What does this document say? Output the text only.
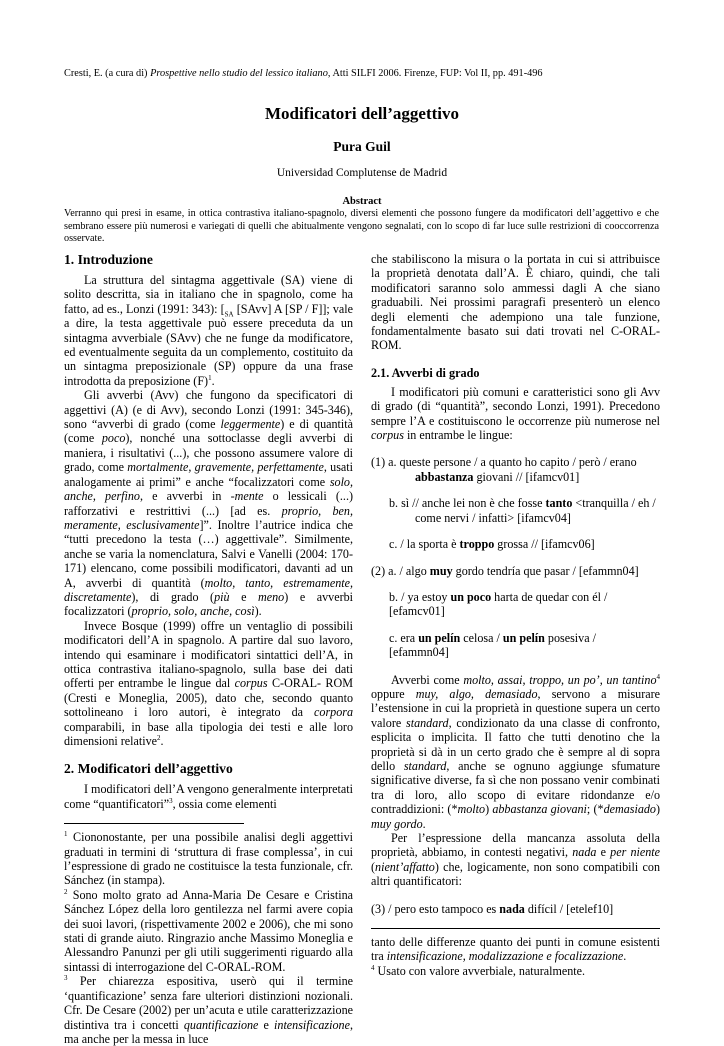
Cresti, E. (a cura di) Prospettive nello studio del lessico italiano, Atti SILFI 2006. Firenze, FUP: Vol II, pp. 491-496
Modificatori dell’aggettivo
Pura Guil
Universidad Complutense de Madrid
Abstract
Verranno qui presi in esame, in ottica contrastiva italiano-spagnolo, diversi elementi che possono fungere da modificatori dell’aggettivo e che sembrano essere più numerosi e variegati di quelli che abitualmente vengono segnalati, con lo scopo di far luce sulle restrizioni di cooccorrenza osservate.
1. Introduzione

La struttura del sintagma aggettivale (SA) viene di solito descritta, sia in italiano che in spagnolo, come ha fatto, ad es., Lonzi (1991: 343): [$_{SA}$ [SAvv] A [SP / F]]; vale a dire, la testa aggettivale può essere preceduta da un sintagma avverbiale (SAvv) che ne funge da modificatore, ed eventualmente seguita da un complemento, costituito da un sintagma preposizionale (SP) oppure da una frase introdotta da preposizione $(F)^1$.

Gli avverbi (Avv) che fungono da specificatori di aggettivi (A) (e di Avv), secondo Lonzi (1991: 345-346), sono “avverbi di grado (come leggermente) e di quantità (come poco), nonché una sottoclasse degli avverbi di maniera, i risultativi (...), che possono assumere valore di grado, come mortalmente, gravemente, perfettamente, usati analogamente ai primi” e anche “focalizzatori come solo, anche, perfino, e avverbi in -mente o lessicali (...) rafforzativi e restrittivi (...) [ad es. proprio, ben, meramente, esclusivamente]”. Inoltre l’autrice indica che “tutti precedono la testa (…) aggettivale”. Similmente, anche se varia la nomenclatura, Salvi e Vanelli (2004: 170-171) elencano, come possibili modificatori, davanti ad un A, avverbi di quantità (molto, tanto, estremamente, discretamente), di grado (più e meno) e avverbi focalizzatori (proprio, solo, anche, così).

Invece Bosque (1999) offre un ventaglio di possibili modificatori dell’A in spagnolo. A partire dal suo lavoro, intendo qui esaminare i modificatori sintattici dell’A, in ottica contrastiva italiano-spagnolo, sulla base dei dati offerti per entrambe le lingue dal corpus C-ORAL- ROM (Cresti e Moneglia, 2005), dato che, secondo quanto sottolineano i loro autori, è integrato da corpora comparabili, in base alla tipologia dei testi e alle loro dimensioni relative$^2$.

2. Modificatori dell’aggettivo

I modificatori dell’A vengono generalmente interpretati come “quantificatori”$^3$, ossia come elementi

$^1$ Ciononostante, per una possibile analisi degli aggettivi graduati in termini di ‘struttura di frase complessa’, in cui l’espressione di grado ne costituisce la testa funzionale, cfr. Sánchez (in stampa).

$^2$ Sono molto grato ad Anna-Maria De Cesare e Cristina Sánchez López della loro gentilezza nel farmi avere copia dei suoi lavori, (rispettivamente 2002 e 2006), che mi sono stati di grande aiuto. Ringrazio anche Massimo Moneglia e Alessandro Panunzi per gli utili suggerimenti riguardo alla sintassi di interrogazione del C-ORAL-ROM.

$^3$ Per chiarezza espositiva, userò qui il termine ‘quantificazione’ senza fare ulteriori distinzioni nozionali. Cfr. De Cesare (2002) per un’acuta e utile caratterizzazione distintiva tra i concetti quantificazione e intensificazione, ma anche per la messa in luce

che stabiliscono la misura o la portata in cui si attribuisce la proprietà denotata dall’A. È chiaro, quindi, che tali modificatori saranno solo ammessi dagli A che siano graduabili. Nei prossimi paragrafi presenterò un elenco degli elementi che adempiono una tale funzione, fondamentalmente basato sui dati trovati nel C-ORAL-ROM.

2.1. Avverbi di grado

I modificatori più comuni e caratteristici sono gli Avv di grado (di “quantità”, secondo Lonzi, 1991). Precedono sempre l’A e costituiscono le occorrenze più numerose nel corpus in entrambe le lingue:

(1) a. queste persone / a quanto ho capito / però / erano

abbastanza giovani // [ifamcv01]

b. sì // anche lei non è che fosse tanto <tranquilla / eh /

come nervi / infatti> [ifamcv04]

c. / la sporta è troppo grossa // [ifamcv06]

(2) a. / algo muy gordo tendría que pasar / [efammn04]

b. / ya estoy un poco harta de quedar con él /

[efamcv01]

c. era un pelín celosa / un pelín posesiva /

[efammn04]

Avverbi come molto, assai, troppo, un po’, un tantino$^4$ oppure muy, algo, demasiado, servono a misurare l’estensione in cui la proprietà in questione supera un certo valore standard, condizionato da una classe di confronto, esplicita o implicita. Il fatto che tutti denotino che la proprietà si dà in un certo grado che è sempre al di sopra dello standard, anche se ognuno aggiunge sfumature significative diverse, fa sì che non possano venir combinati tra di loro, allo scopo di evitare ridondanze e/o contraddizioni: (*molto) abbastanza giovani; (*demasiado) muy gordo.

Per l’espressione della mancanza assoluta della proprietà, abbiamo, in contesti negativi, nada e per niente (nient’affatto) che, logicamente, non sono compatibili con altri quantificatori:

(3) / pero esto tampoco es nada difícil / [etelef10]

tanto delle differenze quanto dei punti in comune esistenti tra intensificazione, modalizzazione e focalizzazione.

$^4$ Usato con valore avverbiale, naturalmente.
